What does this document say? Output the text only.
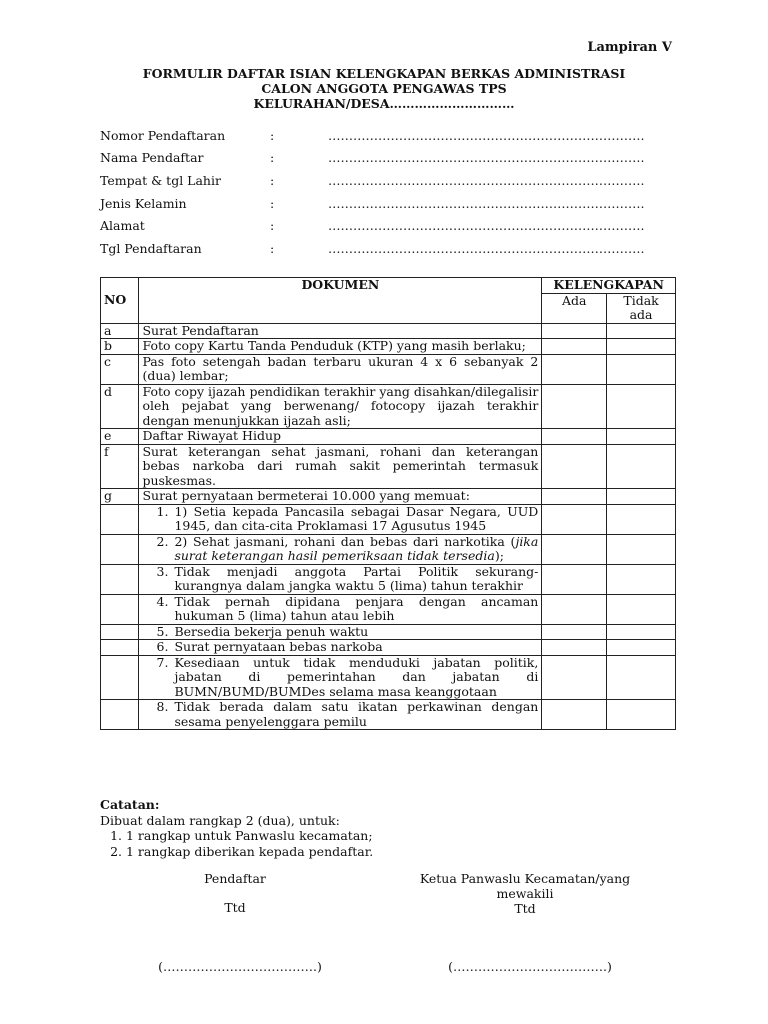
Lampiran V
FORMULIR DAFTAR ISIAN KELENGKAPAN BERKAS ADMINISTRASI
CALON ANGGOTA PENGAWAS TPS
KELURAHAN/DESA…………………………
Nomor Pendaftaran	:	………………………………………………………………….
Nama Pendaftar	:	………………………………………………………………….
Tempat & tgl Lahir	:	………………………………………………………………….
Jenis Kelamin	:	………………………………………………………………….
Alamat	:	………………………………………………………………….
Tgl Pendaftaran	:	………………………………………………………………….
NO	DOKUMEN	KELENGKAPAN	
		Ada	Tidak ada
a	Surat Pendaftaran		
b	Foto copy Kartu Tanda Penduduk (KTP) yang masih berlaku;		
c	Pas foto setengah badan terbaru ukuran 4 x 6 sebanyak 2 (dua) lembar;		
d	Foto copy ijazah pendidikan terakhir yang disahkan/dilegalisir oleh pejabat yang berwenang/ fotocopy ijazah terakhir dengan menunjukkan ijazah asli;		
e	Daftar Riwayat Hidup		
f	Surat keterangan sehat jasmani, rohani dan keterangan bebas narkoba dari rumah sakit pemerintah termasuk puskesmas.		
g	Surat pernyataan bermeterai 10.000 yang memuat:		

	1. 1) Setia kepada Pancasila sebagai Dasar Negara, UUD 1945, dan cita-cita Proklamasi 17 Agusutus 1945		

	2. 2) Sehat jasmani, rohani dan bebas dari narkotika (jika surat keterangan hasil pemeriksaan tidak tersedia);		

	3. Tidak menjadi anggota Partai Politik sekurang-kurangnya dalam jangka waktu 5 (lima) tahun terakhir		

	4. Tidak pernah dipidana penjara dengan ancaman hukuman 5 (lima) tahun atau lebih		

	5. Bersedia bekerja penuh waktu		

	6. Surat pernyataan bebas narkoba		

	7. Kesediaan untuk tidak menduduki jabatan politik, jabatan di pemerintahan dan jabatan di BUMN/BUMD/BUMDes selama masa keanggotaan		

	8. Tidak berada dalam satu ikatan perkawinan dengan sesama penyelenggara pemilu		

Catatan:
Dibuat dalam rangkap 2 (dua), untuk:
1. 1 rangkap untuk Panwaslu kecamatan;
2. 1 rangkap diberikan kepada pendaftar.
Pendaftar
Ttd
Ketua Panwaslu Kecamatan/yang mewakili
Ttd
(……………………………….)	(……………………………….)
